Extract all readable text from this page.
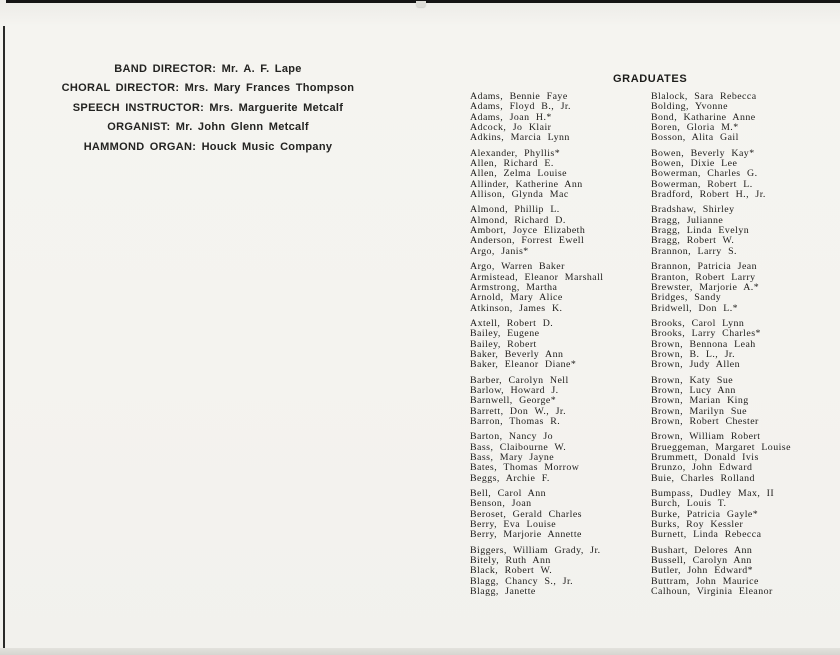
BAND DIRECTOR: Mr. A. F. Lape
CHORAL DIRECTOR: Mrs. Mary Frances Thompson
SPEECH INSTRUCTOR: Mrs. Marguerite Metcalf
ORGANIST: Mr. John Glenn Metcalf
HAMMOND ORGAN: Houck Music Company
GRADUATES
Adams, Bennie Faye
Adams, Floyd B., Jr.
Adams, Joan H.*
Adcock, Jo Klair
Adkins, Marcia Lynn
Alexander, Phyllis*
Allen, Richard E.
Allen, Zelma Louise
Allinder, Katherine Ann
Allison, Glynda Mac
Almond, Phillip L.
Almond, Richard D.
Ambort, Joyce Elizabeth
Anderson, Forrest Ewell
Argo, Janis*
Argo, Warren Baker
Armistead, Eleanor Marshall
Armstrong, Martha
Arnold, Mary Alice
Atkinson, James K.
Axtell, Robert D.
Bailey, Eugene
Bailey, Robert
Baker, Beverly Ann
Baker, Eleanor Diane*
Barber, Carolyn Nell
Barlow, Howard J.
Barnwell, George*
Barrett, Don W., Jr.
Barron, Thomas R.
Barton, Nancy Jo
Bass, Claibourne W.
Bass, Mary Jayne
Bates, Thomas Morrow
Beggs, Archie F.
Bell, Carol Ann
Benson, Joan
Beroset, Gerald Charles
Berry, Eva Louise
Berry, Marjorie Annette
Biggers, William Grady, Jr.
Bitely, Ruth Ann
Black, Robert W.
Blagg, Chancy S., Jr.
Blagg, Janette
Blalock, Sara Rebecca
Bolding, Yvonne
Bond, Katharine Anne
Boren, Gloria M.*
Bosson, Alita Gail
Bowen, Beverly Kay*
Bowen, Dixie Lee
Bowerman, Charles G.
Bowerman, Robert L.
Bradford, Robert H., Jr.
Bradshaw, Shirley
Bragg, Julianne
Bragg, Linda Evelyn
Bragg, Robert W.
Brannon, Larry S.
Brannon, Patricia Jean
Branton, Robert Larry
Brewster, Marjorie A.*
Bridges, Sandy
Bridwell, Don L.*
Brooks, Carol Lynn
Brooks, Larry Charles*
Brown, Bennona Leah
Brown, B. L., Jr.
Brown, Judy Allen
Brown, Katy Sue
Brown, Lucy Ann
Brown, Marian King
Brown, Marilyn Sue
Brown, Robert Chester
Brown, William Robert
Brueggeman, Margaret Louise
Brummett, Donald Ivis
Brunzo, John Edward
Buie, Charles Rolland
Bumpass, Dudley Max, II
Burch, Louis T.
Burke, Patricia Gayle*
Burks, Roy Kessler
Burnett, Linda Rebecca
Bushart, Delores Ann
Bussell, Carolyn Ann
Butler, John Edward*
Buttram, John Maurice
Calhoun, Virginia Eleanor
